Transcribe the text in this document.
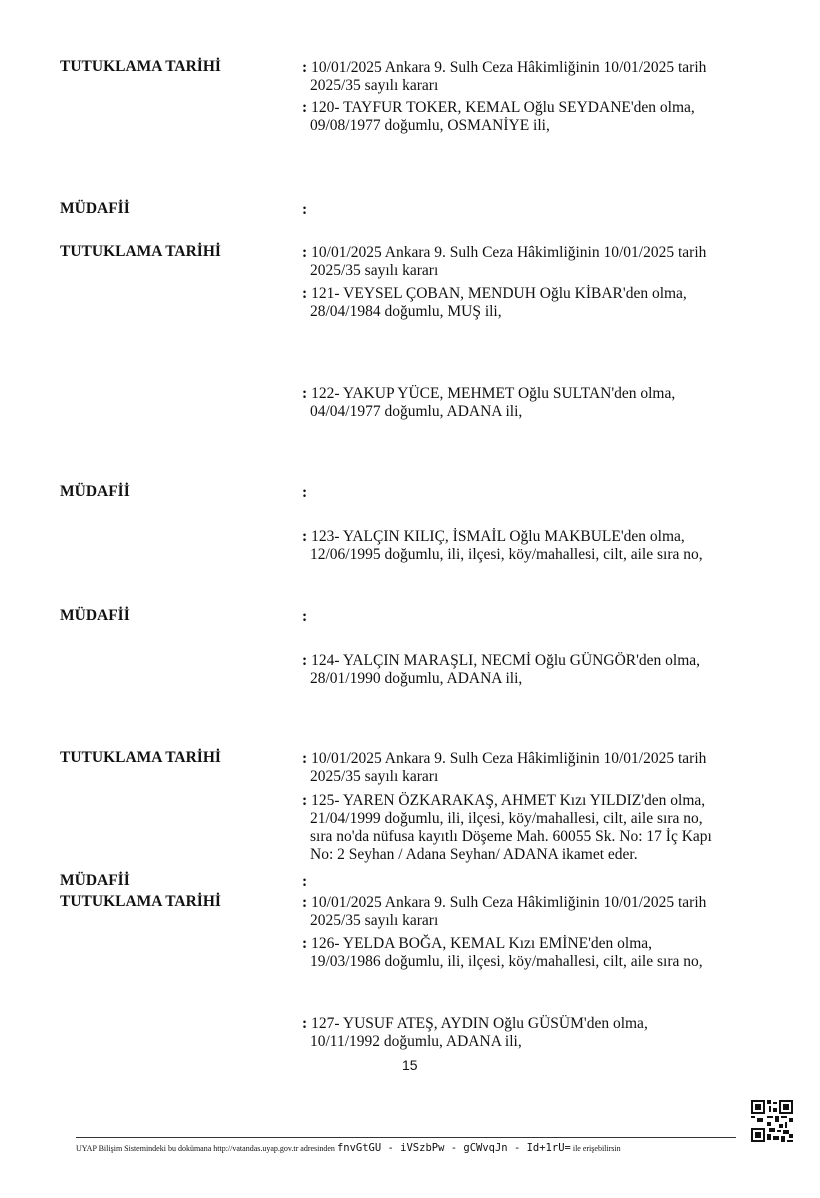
TUTUKLAMA TARİHİ	: 10/01/2025 Ankara 9. Sulh Ceza Hâkimliğinin 10/01/2025 tarih
2025/35 sayılı kararı
: 120- TAYFUR TOKER, KEMAL Oğlu SEYDANE'den olma,
09/08/1977 doğumlu, OSMANİYE ili,
MÜDAFİİ	:
TUTUKLAMA TARİHİ	: 10/01/2025 Ankara 9. Sulh Ceza Hâkimliğinin 10/01/2025 tarih
2025/35 sayılı kararı
: 121- VEYSEL ÇOBAN, MENDUH Oğlu KİBAR'den olma,
28/04/1984 doğumlu, MUŞ ili,
: 122- YAKUP YÜCE, MEHMET Oğlu SULTAN'den olma,
04/04/1977 doğumlu, ADANA ili,
MÜDAFİİ	:
: 123- YALÇIN KILIÇ, İSMAİL Oğlu MAKBULE'den olma,
12/06/1995 doğumlu, ili, ilçesi, köy/mahallesi, cilt, aile sıra no,
MÜDAFİİ	:
: 124- YALÇIN MARAŞLI, NECMİ Oğlu GÜNGÖR'den olma,
28/01/1990 doğumlu, ADANA ili,
TUTUKLAMA TARİHİ	: 10/01/2025 Ankara 9. Sulh Ceza Hâkimliğinin 10/01/2025 tarih
2025/35 sayılı kararı
: 125- YAREN ÖZKARAKAŞ, AHMET Kızı YILDIZ'den olma,
21/04/1999 doğumlu, ili, ilçesi, köy/mahallesi, cilt, aile sıra no,
sıra no'da nüfusa kayıtlı Döşeme Mah. 60055 Sk. No: 17 İç Kapı
No: 2 Seyhan / Adana Seyhan/ ADANA ikamet eder.
MÜDAFİİ	:
TUTUKLAMA TARİHİ	: 10/01/2025 Ankara 9. Sulh Ceza Hâkimliğinin 10/01/2025 tarih
2025/35 sayılı kararı
: 126- YELDA BOĞA, KEMAL Kızı EMİNE'den olma,
19/03/1986 doğumlu, ili, ilçesi, köy/mahallesi, cilt, aile sıra no,
: 127- YUSUF ATEŞ, AYDIN Oğlu GÜSÜM'den olma,
10/11/1992 doğumlu, ADANA ili,
15
UYAP Bilişim Sistemindeki bu dokümana http://vatandas.uyap.gov.tr adresinden fnvGtGU - iVSzbPw - gCWvqJn - Id+1rU= ile erişebilirsin
